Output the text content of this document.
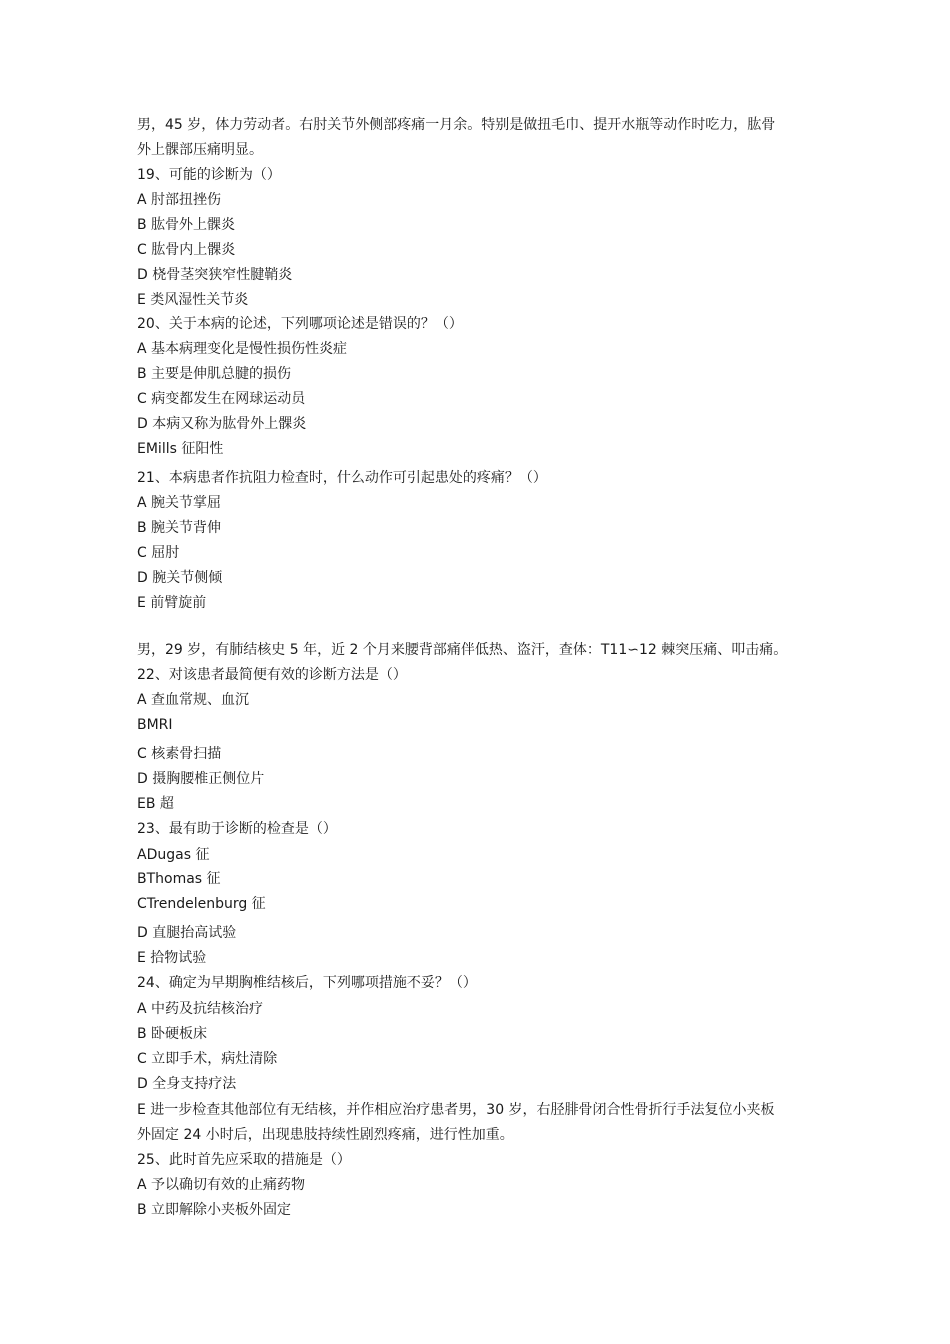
男，45 岁，体力劳动者。右肘关节外侧部疼痛一月余。特别是做扭毛巾、提开水瓶等动作时吃力，肱骨
外上髁部压痛明显。
19、可能的诊断为（）
A 肘部扭挫伤
B 肱骨外上髁炎
C 肱骨内上髁炎
D 桡骨茎突狭窄性腱鞘炎
E 类风湿性关节炎
20、关于本病的论述，下列哪项论述是错误的？（）
A 基本病理变化是慢性损伤性炎症
B 主要是伸肌总腱的损伤
C 病变都发生在网球运动员
D 本病又称为肱骨外上髁炎
EMills 征阳性
21、本病患者作抗阻力检查时，什么动作可引起患处的疼痛？（）
A 腕关节掌屈
B 腕关节背伸
C 屈肘
D 腕关节侧倾
E 前臂旋前
男，29 岁，有肺结核史 5 年，近 2 个月来腰背部痛伴低热、盗汗，查体：T11∽12 棘突压痛、叩击痛。
22、对该患者最简便有效的诊断方法是（）
A 查血常规、血沉
BMRI
C 核素骨扫描
D 摄胸腰椎正侧位片
EB 超
23、最有助于诊断的检查是（）
ADugas 征
BThomas 征
CTrendelenburg 征
D 直腿抬高试验
E 拾物试验
24、确定为早期胸椎结核后，下列哪项措施不妥？（）
A 中药及抗结核治疗
B 卧硬板床
C 立即手术，病灶清除
D 全身支持疗法
E 进一步检查其他部位有无结核，并作相应治疗患者男，30 岁，右胫腓骨闭合性骨折行手法复位小夹板
外固定 24 小时后，出现患肢持续性剧烈疼痛，进行性加重。
25、此时首先应采取的措施是（）
A 予以确切有效的止痛药物
B 立即解除小夹板外固定
